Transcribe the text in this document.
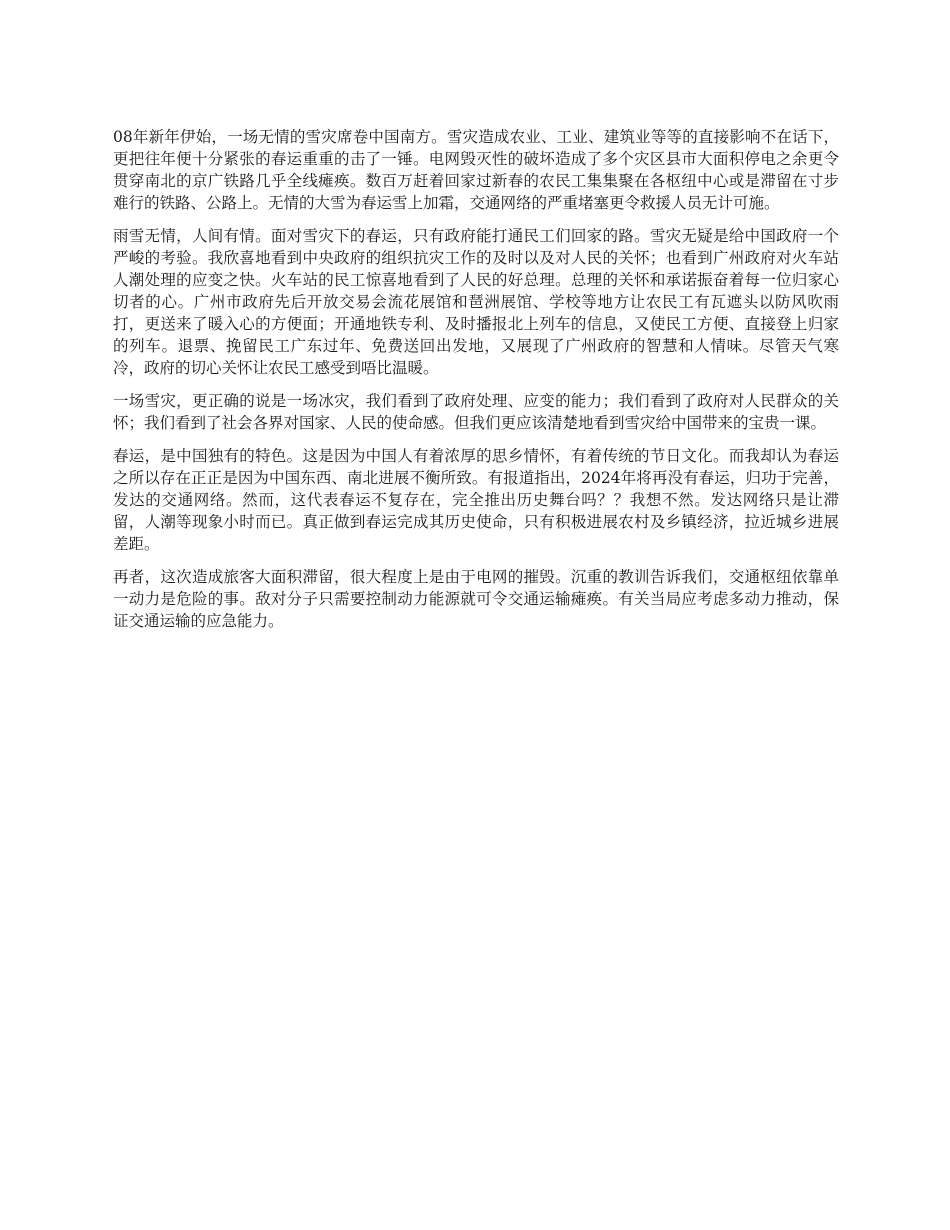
08年新年伊始，一场无情的雪灾席卷中国南方。雪灾造成农业、工业、建筑业等等的直接影响不在话下，更把往年便十分紧张的春运重重的击了一锤。电网毁灭性的破坏造成了多个灾区县市大面积停电之余更令贯穿南北的京广铁路几乎全线瘫痪。数百万赶着回家过新春的农民工集集聚在各枢纽中心或是滞留在寸步难行的铁路、公路上。无情的大雪为春运雪上加霜，交通网络的严重堵塞更令救援人员无计可施。

雨雪无情，人间有情。面对雪灾下的春运，只有政府能打通民工们回家的路。雪灾无疑是给中国政府一个严峻的考验。我欣喜地看到中央政府的组织抗灾工作的及时以及对人民的关怀；也看到广州政府对火车站人潮处理的应变之快。火车站的民工惊喜地看到了人民的好总理。总理的关怀和承诺振奋着每一位归家心切者的心。广州市政府先后开放交易会流花展馆和琶洲展馆、学校等地方让农民工有瓦遮头以防风吹雨打，更送来了暖入心的方便面；开通地铁专利、及时播报北上列车的信息，又使民工方便、直接登上归家的列车。退票、挽留民工广东过年、免费送回出发地，又展现了广州政府的智慧和人情味。尽管天气寒冷，政府的切心关怀让农民工感受到唔比温暖。

一场雪灾，更正确的说是一场冰灾，我们看到了政府处理、应变的能力；我们看到了政府对人民群众的关怀；我们看到了社会各界对国家、人民的使命感。但我们更应该清楚地看到雪灾给中国带来的宝贵一课。

春运，是中国独有的特色。这是因为中国人有着浓厚的思乡情怀，有着传统的节日文化。而我却认为春运之所以存在正正是因为中国东西、南北进展不衡所致。有报道指出，2024年将再没有春运，归功于完善，发达的交通网络。然而，这代表春运不复存在，完全推出历史舞台吗？？我想不然。发达网络只是让滞留，人潮等现象小时而已。真正做到春运完成其历史使命，只有积极进展农村及乡镇经济，拉近城乡进展差距。

再者，这次造成旅客大面积滞留，很大程度上是由于电网的摧毁。沉重的教训告诉我们，交通枢纽依靠单一动力是危险的事。敌对分子只需要控制动力能源就可令交通运输瘫痪。有关当局应考虑多动力推动，保证交通运输的应急能力。
